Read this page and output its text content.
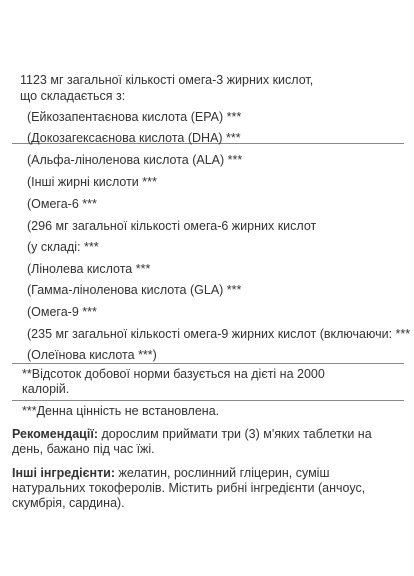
1123 мг загальної кількості омега-3 жирних кислот,
що складається з:
(Ейкозапентаєнова кислота (EPA) ***
(Докозагексаєнова кислота (DHA) ***
(Альфа-ліноленова кислота (ALA) ***
(Інші жирні кислоти ***
(Омега-6 ***
(296 мг загальної кількості омега-6 жирних кислот
(у складі: ***
(Лінолева кислота ***
(Гамма-ліноленова кислота (GLA) ***
(Омега-9 ***
(235 мг загальної кількості омега-9 жирних кислот (включаючи: ***
(Олеїнова кислота ***)
**Відсоток добової норми базується на дієті на 2000
калорій.
***Денна цінність не встановлена.
Рекомендації: дорослим приймати три (3) м'яких таблетки на день, бажано під час їжі.
Інші інгредієнти: желатин, рослинний гліцерин, суміш натуральних токоферолів. Містить рибні інгредієнти (анчоус, скумбрія, сардина).
